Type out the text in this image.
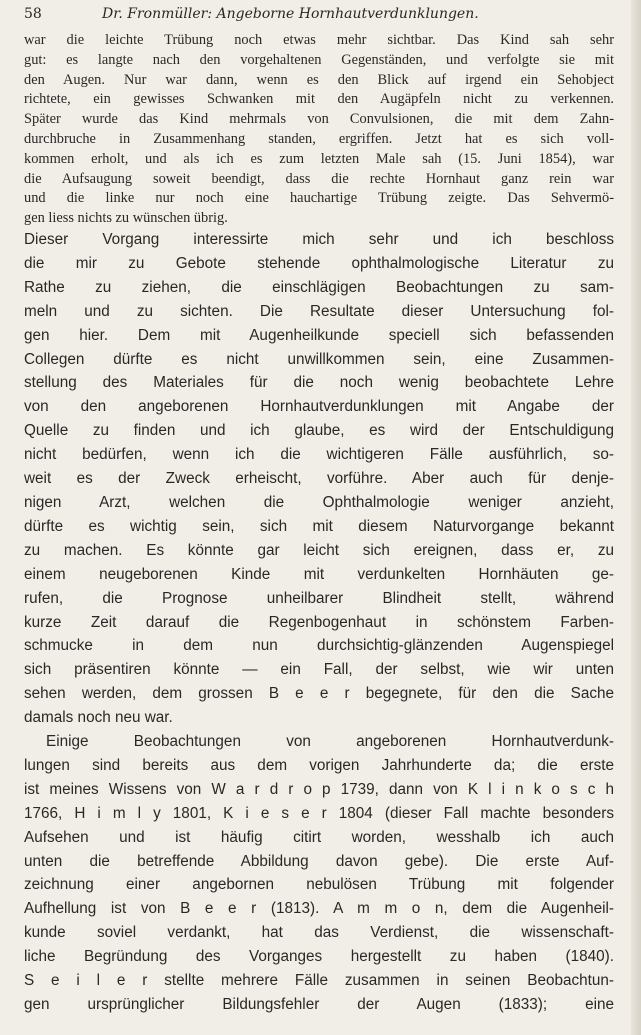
58	Dr. Fronmüller: Angeborne Hornhautverdunklungen.
war die leichte Trübung noch etwas mehr sichtbar. Das Kind sah sehr
gut: es langte nach den vorgehaltenen Gegenständen, und verfolgte sie mit
den Augen. Nur war dann, wenn es den Blick auf irgend ein Sehobject
richtete, ein gewisses Schwanken mit den Augäpfeln nicht zu verkennen.
Später wurde das Kind mehrmals von Convulsionen, die mit dem Zahn-
durchbruche in Zusammenhang standen, ergriffen. Jetzt hat es sich voll-
kommen erholt, und als ich es zum letzten Male sah (15. Juni 1854), war
die Aufsaugung soweit beendigt, dass die rechte Hornhaut ganz rein war
und die linke nur noch eine hauchartige Trübung zeigte. Das Sehvermö-
gen liess nichts zu wünschen übrig.
Dieser Vorgang interessirte mich sehr und ich beschloss
die mir zu Gebote stehende ophthalmologische Literatur zu
Rathe zu ziehen, die einschlägigen Beobachtungen zu sam-
meln und zu sichten. Die Resultate dieser Untersuchung fol-
gen hier. Dem mit Augenheilkunde speciell sich befassenden
Collegen dürfte es nicht unwillkommen sein, eine Zusammen-
stellung des Materiales für die noch wenig beobachtete Lehre
von den angeborenen Hornhautverdunklungen mit Angabe der
Quelle zu finden und ich glaube, es wird der Entschuldigung
nicht bedürfen, wenn ich die wichtigeren Fälle ausführlich, so-
weit es der Zweck erheischt, vorführe. Aber auch für denje-
nigen Arzt, welchen die Ophthalmologie weniger anzieht,
dürfte es wichtig sein, sich mit diesem Naturvorgange bekannt
zu machen. Es könnte gar leicht sich ereignen, dass er, zu
einem neugeborenen Kinde mit verdunkelten Hornhäuten ge-
rufen, die Prognose unheilbarer Blindheit stellt, während
kurze Zeit darauf die Regenbogenhaut in schönstem Farben-
schmucke in dem nun durchsichtig-glänzenden Augenspiegel
sich präsentiren könnte — ein Fall, der selbst, wie wir unten
sehen werden, dem grossen B e e r begegnete, für den die Sache
damals noch neu war.
Einige Beobachtungen von angeborenen Hornhautverdunk-
lungen sind bereits aus dem vorigen Jahrhunderte da; die erste
ist meines Wissens von W a r d r o p 1739, dann von K l i n k o s c h
1766, H i m l y 1801, K i e s e r 1804 (dieser Fall machte besonders
Aufsehen und ist häufig citirt worden, wesshalb ich auch
unten die betreffende Abbildung davon gebe). Die erste Auf-
zeichnung einer angebornen nebulösen Trübung mit folgender
Aufhellung ist von B e e r (1813). A m m o n, dem die Augenheil-
kunde soviel verdankt, hat das Verdienst, die wissenschaft-
liche Begründung des Vorganges hergestellt zu haben (1840).
S e i l e r stellte mehrere Fälle zusammen in seinen Beobachtun-
gen ursprünglicher Bildungsfehler der Augen (1833); eine
